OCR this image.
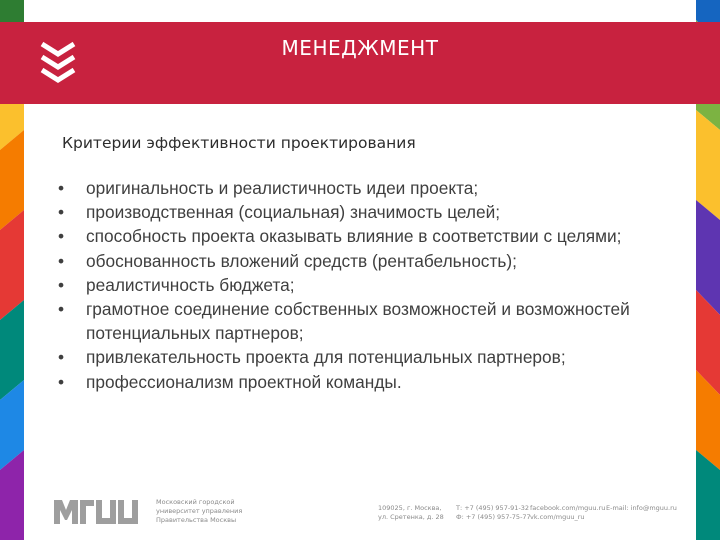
МЕНЕДЖМЕНТ
Критерии эффективности проектирования
• оригинальность и реалистичность идеи проекта;
• производственная (социальная) значимость целей;
• способность проекта оказывать влияние в соответствии с целями;
• обоснованность вложений средств (рентабельность);
• реалистичность бюджета;
• грамотное соединение собственных возможностей и возможностей
потенциальных партнеров;
• привлекательность проекта для потенциальных партнеров;
• профессионализм проектной команды.
Московский городской
университет управления
Правительства Москвы
109025, г. Москва,
ул. Сретенка, д. 28
Т: +7 (495) 957-91-32
Ф: +7 (495) 957-75-77
facebook.com/mguu.ru
vk.com/mguu_ru
E-mail: info@mguu.ru
